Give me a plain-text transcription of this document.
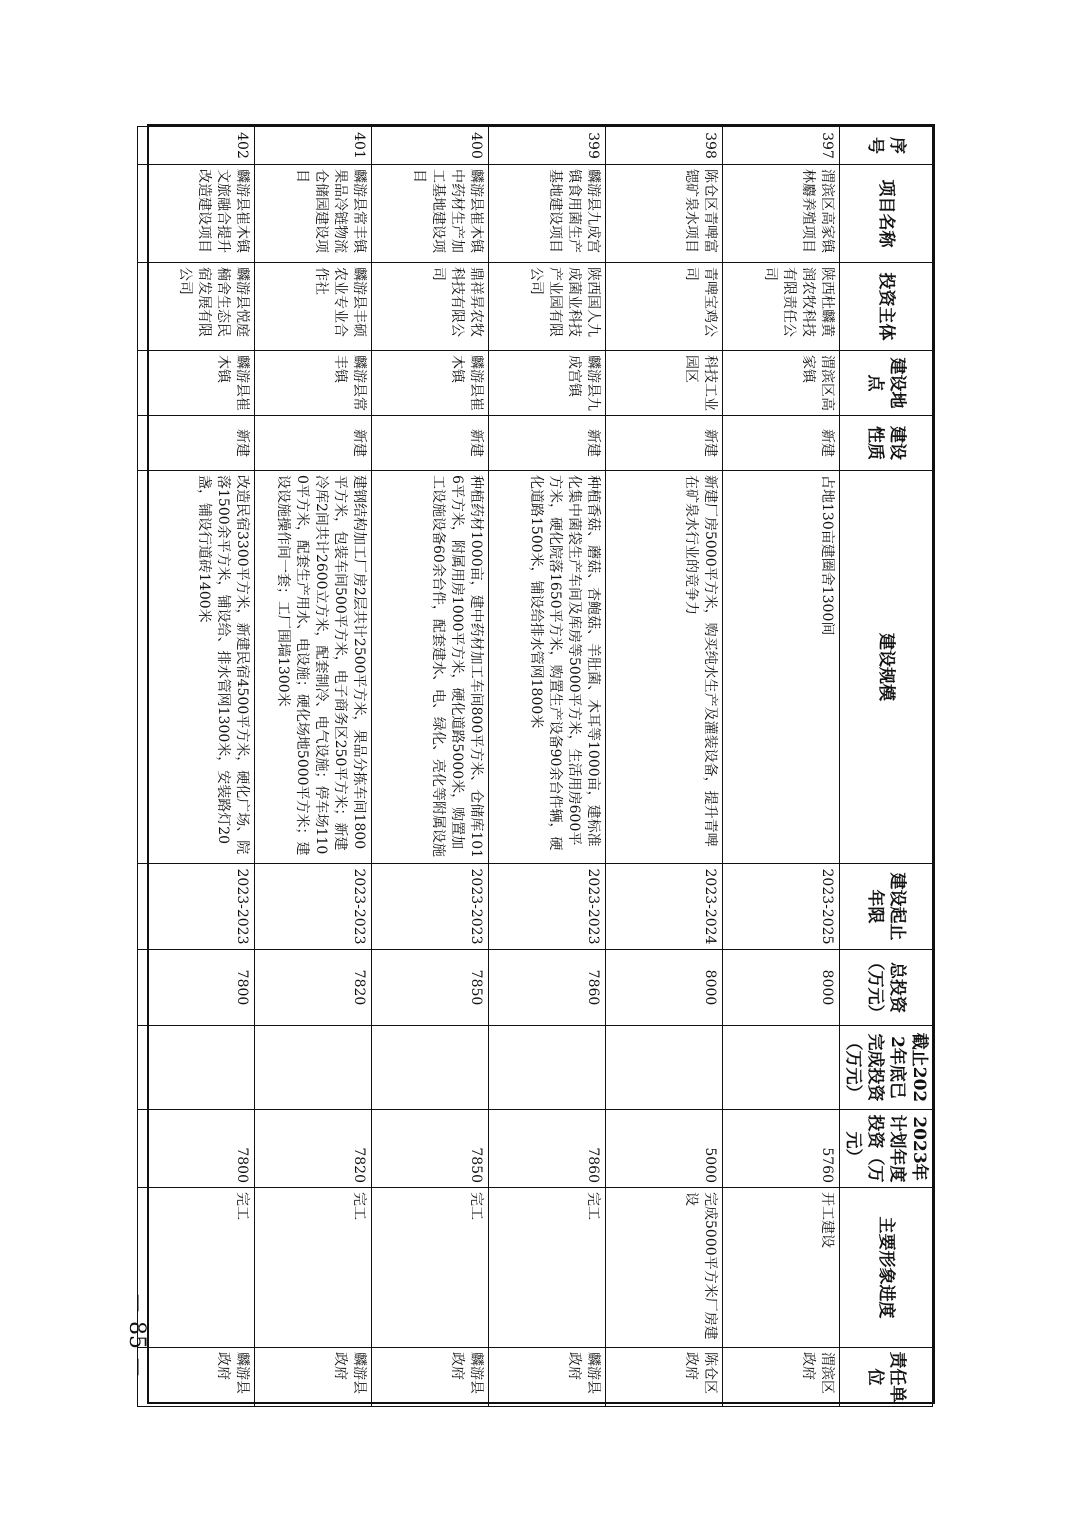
序号	项目名称	投资主体	建设地点	建设性质	建设规模	建设起止年限	总投资（万元）	截止2022年底已完成投资（万元）	2023年计划年度投资（万元）	主要形象进度	责任单位
397	渭滨区高家镇林麝养殖项目	陕西杜麟黄润农牧科技有限责任公司	渭滨区高家镇	新建	占地130亩建圈舍1300间	2023-2025	8000		5760	开工建设	渭滨区政府
398	陈仓区青啤富锶矿泉水项目	青啤宝鸡公司	科技工业园区	新建	新建厂房5000平方米，购买纯水生产及灌装设备，提升青啤在矿泉水行业的竞争力	2023-2024	8000		5000	完成5000平方米厂房建设	陈仓区政府
399	麟游县九成宫镇食用菌生产基地建设项目	陕西国人九成菌业科技产业园有限公司	麟游县九成宫镇	新建	种植香菇、蘑菇、杏鲍菇、羊肚菌、木耳等1000亩，建标准化集中菌袋生产车间及库房等5000平方米，生活用房600平方米，硬化院落1650平方米，购置生产设备90余台件辆，硬化道路1500米，铺设给排水管网1800米	2023-2023	7860		7860	完工	麟游县政府
400	麟游县崔木镇中药材生产加工基地建设项目	鼎祥昇农牧科技有限公司	麟游县崔木镇	新建	种植药材1000亩，建中药材加工车间800平方米、仓储库1016平方米，附属用房1000平方米，硬化道路5000米，购置加工设施设备60余台件，配套建水、电、绿化、亮化等附属设施	2023-2023	7850		7850	完工	麟游县政府
401	麟游县常丰镇果品冷链物流仓储园建设项目	麟游县丰硕农业专业合作社	麟游县常丰镇	新建	建钢结构加工厂房2层共计2500平方米，果品分拣车间1800平方米，包装车间500平方米，电子商务区250平方米；新建冷库2间共计2600立方米，配套制冷、电气设施；停车场1100平方米，配套生产用水、电设施；硬化场地5000平方米；建设设施操作间一套；工厂围墙1300米	2023-2023	7820		7820	完工	麟游县政府
402	麟游县崔木镇文旅融合提升改造建设项目	麟游县悦庭楠舍生态民宿发展有限公司	麟游县崔木镇	新建	改造民宿3300平方米，新建民宿4500平方米，硬化广场、院落1500余平方米，铺设给、排水管网1300米，安装路灯20盏，铺设行道砖1400米	2023-2023	7800		7800	完工	麟游县政府
－ 85 －
